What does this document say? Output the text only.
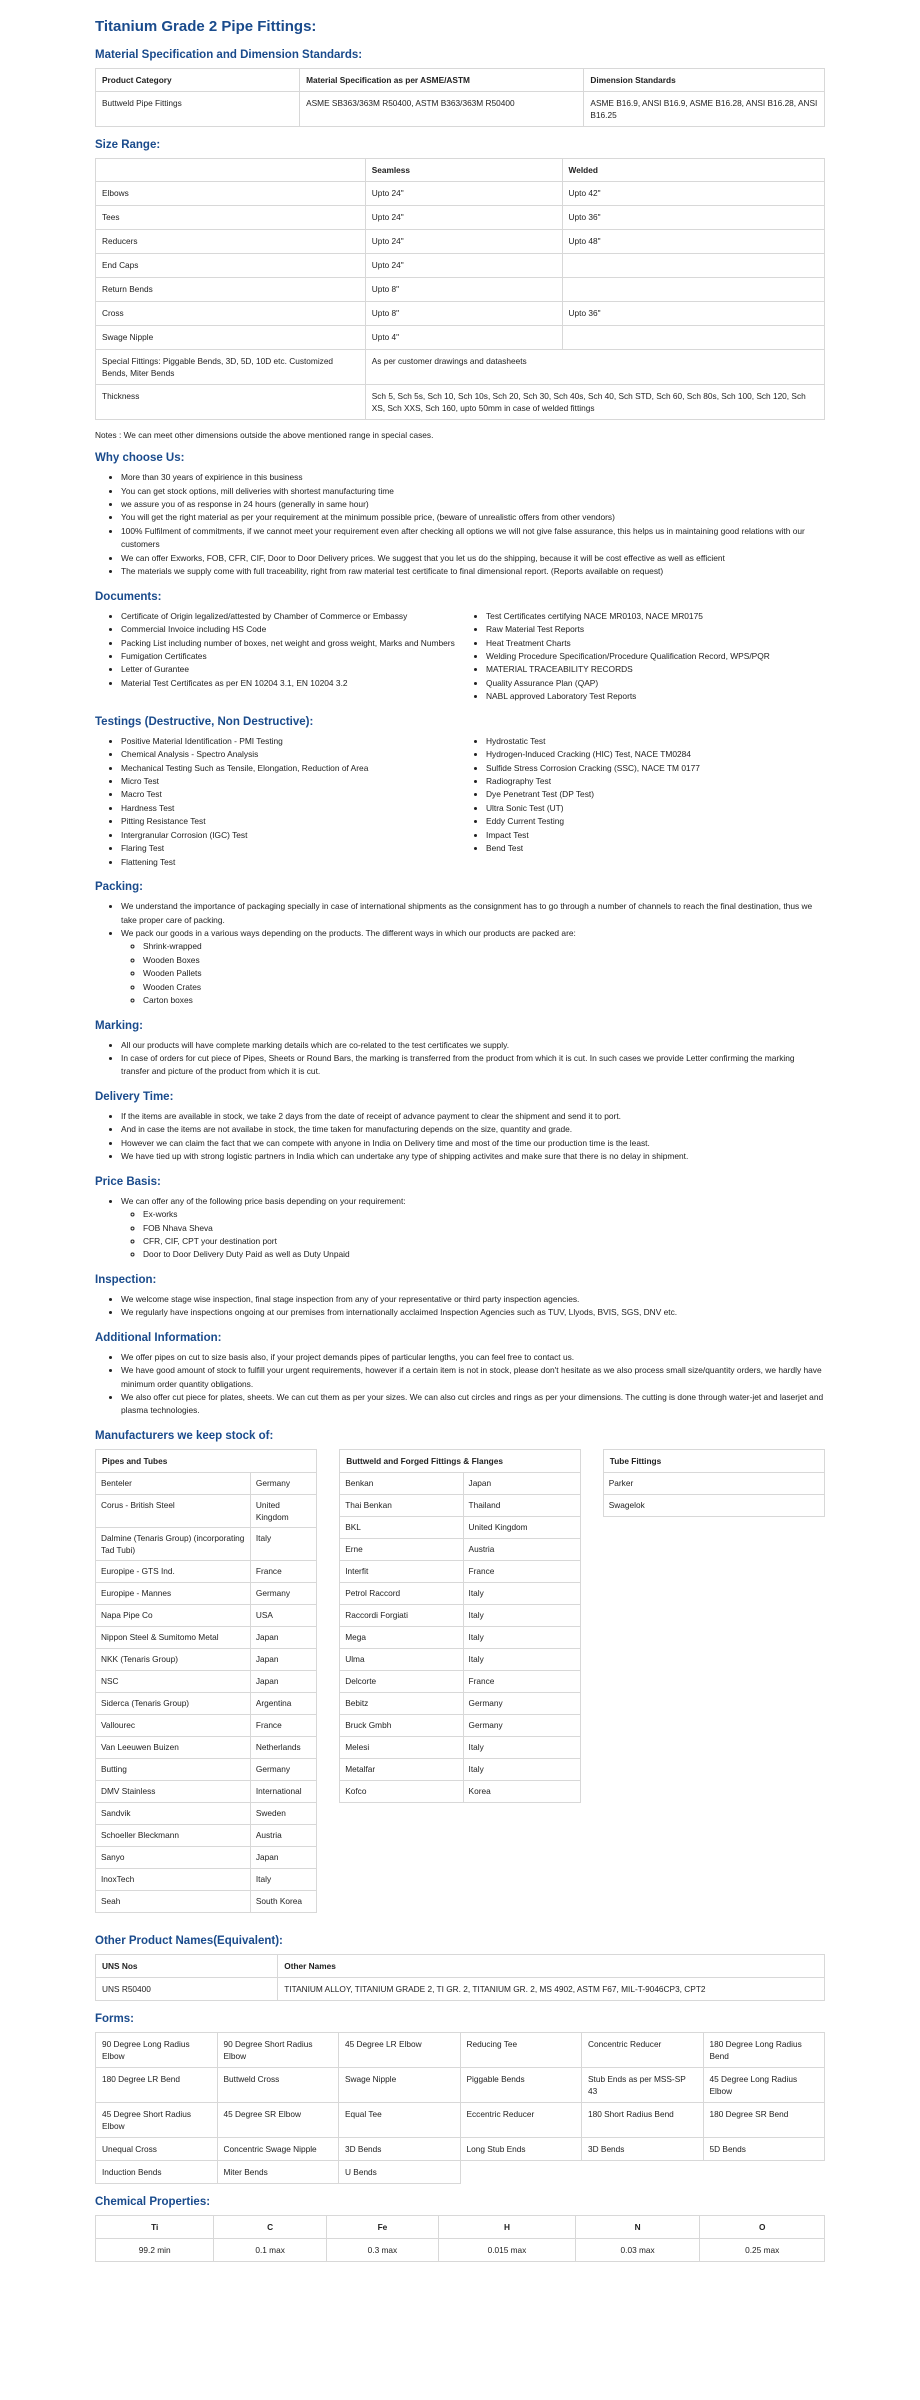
Titanium Grade 2 Pipe Fittings:
Material Specification and Dimension Standards:
Product Category	Material Specification as per ASME/ASTM	Dimension Standards
Buttweld Pipe Fittings	ASME SB363/363M R50400, ASTM B363/363M R50400	ASME B16.9, ANSI B16.9, ASME B16.28, ANSI B16.28, ANSI B16.25
Size Range:
	Seamless	Welded
Elbows	Upto 24"	Upto 42"
Tees	Upto 24"	Upto 36"
Reducers	Upto 24"	Upto 48"
End Caps	Upto 24"	
Return Bends	Upto 8"	
Cross	Upto 8"	Upto 36"
Swage Nipple	Upto 4"	
Special Fittings: Piggable Bends, 3D, 5D, 10D etc. Customized Bends, Miter Bends	As per customer drawings and datasheets	
Thickness	Sch 5, Sch 5s, Sch 10, Sch 10s, Sch 20, Sch 30, Sch 40s, Sch 40, Sch STD, Sch 60, Sch 80s, Sch 100, Sch 120, Sch XS, Sch XXS, Sch 160, upto 50mm in case of welded fittings	

Notes : We can meet other dimensions outside the above mentioned range in special cases.

Why choose Us:
• More than 30 years of expirience in this business
• You can get stock options, mill deliveries with shortest manufacturing time
• we assure you of as response in 24 hours (generally in same hour)
• You will get the right material as per your requirement at the minimum possible price, (beware of unrealistic offers from other vendors)
• 100% Fulfilment of commitments, if we cannot meet your requirement even after checking all options we will not give false assurance, this helps us in maintaining good relations with our customers
• We can offer Exworks, FOB, CFR, CIF, Door to Door Delivery prices. We suggest that you let us do the shipping, because it will be cost effective as well as efficient
• The materials we supply come with full traceability, right from raw material test certificate to final dimensional report. (Reports available on request)
Documents:
• Certificate of Origin legalized/attested by Chamber of Commerce or Embassy
• Commercial Invoice including HS Code
• Packing List including number of boxes, net weight and gross weight, Marks and Numbers
• Fumigation Certificates
• Letter of Gurantee
• Material Test Certificates as per EN 10204 3.1, EN 10204 3.2
• Test Certificates certifying NACE MR0103, NACE MR0175
• Raw Material Test Reports
• Heat Treatment Charts
• Welding Procedure Specification/Procedure Qualification Record, WPS/PQR
• MATERIAL TRACEABILITY RECORDS
• Quality Assurance Plan (QAP)
• NABL approved Laboratory Test Reports
Testings (Destructive, Non Destructive):
• Positive Material Identification - PMI Testing
• Chemical Analysis - Spectro Analysis
• Mechanical Testing Such as Tensile, Elongation, Reduction of Area
• Micro Test
• Macro Test
• Hardness Test
• Pitting Resistance Test
• Intergranular Corrosion (IGC) Test
• Flaring Test
• Flattening Test
• Hydrostatic Test
• Hydrogen-Induced Cracking (HIC) Test, NACE TM0284
• Sulfide Stress Corrosion Cracking (SSC), NACE TM 0177
• Radiography Test
• Dye Penetrant Test (DP Test)
• Ultra Sonic Test (UT)
• Eddy Current Testing
• Impact Test
• Bend Test
Packing:
• We understand the importance of packaging specially in case of international shipments as the consignment has to go through a number of channels to reach the final destination, thus we take proper care of packing.
• We pack our goods in a various ways depending on the products. The different ways in which our products are packed are:
◦ Shrink-wrapped
◦ Wooden Boxes
◦ Wooden Pallets
◦ Wooden Crates
◦ Carton boxes
Marking:
• All our products will have complete marking details which are co-related to the test certificates we supply.
• In case of orders for cut piece of Pipes, Sheets or Round Bars, the marking is transferred from the product from which it is cut. In such cases we provide Letter confirming the marking transfer and picture of the product from which it is cut.
Delivery Time:
• If the items are available in stock, we take 2 days from the date of receipt of advance payment to clear the shipment and send it to port.
• And in case the items are not availabe in stock, the time taken for manufacturing depends on the size, quantity and grade.
• However we can claim the fact that we can compete with anyone in India on Delivery time and most of the time our production time is the least.
• We have tied up with strong logistic partners in India which can undertake any type of shipping activites and make sure that there is no delay in shipment.
Price Basis:
• We can offer any of the following price basis depending on your requirement:
◦ Ex-works
◦ FOB Nhava Sheva
◦ CFR, CIF, CPT your destination port
◦ Door to Door Delivery Duty Paid as well as Duty Unpaid
Inspection:
• We welcome stage wise inspection, final stage inspection from any of your representative or third party inspection agencies.
• We regularly have inspections ongoing at our premises from internationally acclaimed Inspection Agencies such as TUV, Llyods, BVIS, SGS, DNV etc.
Additional Information:
• We offer pipes on cut to size basis also, if your project demands pipes of particular lengths, you can feel free to contact us.
• We have good amount of stock to fulfill your urgent requirements, however if a certain item is not in stock, please don't hesitate as we also process small size/quantity orders, we hardly have minimum order quantity obligations.
• We also offer cut piece for plates, sheets. We can cut them as per your sizes. We can also cut circles and rings as per your dimensions. The cutting is done through water-jet and laserjet and plasma technologies.
Manufacturers we keep stock of:
Pipes and Tubes	
Benteler	Germany
Corus - British Steel	United Kingdom
Dalmine (Tenaris Group) (incorporating Tad Tubi)	Italy
Europipe - GTS Ind.	France
Europipe - Mannes	Germany
Napa Pipe Co	USA
Nippon Steel & Sumitomo Metal	Japan
NKK (Tenaris Group)	Japan
NSC	Japan
Siderca (Tenaris Group)	Argentina
Vallourec	France
Van Leeuwen Buizen	Netherlands
Butting	Germany
DMV Stainless	International
Sandvik	Sweden
Schoeller Bleckmann	Austria
Sanyo	Japan
InoxTech	Italy
Seah	South Korea
Buttweld and Forged Fittings & Flanges	
Benkan	Japan
Thai Benkan	Thailand
BKL	United Kingdom
Erne	Austria
Interfit	France
Petrol Raccord	Italy
Raccordi Forgiati	Italy
Mega	Italy
Ulma	Italy
Delcorte	France
Bebitz	Germany
Bruck Gmbh	Germany
Melesi	Italy
Metalfar	Italy
Kofco	Korea
Tube Fittings
Parker
Swagelok
Other Product Names(Equivalent):
UNS Nos	Other Names
UNS R50400	TITANIUM ALLOY, TITANIUM GRADE 2, TI GR. 2, TITANIUM GR. 2, MS 4902, ASTM F67, MIL-T-9046CP3, CPT2
Forms:
90 Degree Long Radius Elbow	90 Degree Short Radius Elbow	45 Degree LR Elbow	Reducing Tee	Concentric Reducer	180 Degree Long Radius Bend
180 Degree LR Bend	Buttweld Cross	Swage Nipple	Piggable Bends	Stub Ends as per MSS-SP 43	45 Degree Long Radius Elbow
45 Degree Short Radius Elbow	45 Degree SR Elbow	Equal Tee	Eccentric Reducer	180 Short Radius Bend	180 Degree SR Bend
Unequal Cross	Concentric Swage Nipple	3D Bends	Long Stub Ends	3D Bends	5D Bends
Induction Bends	Miter Bends	U Bends			
Chemical Properties:
Ti	C	Fe	H	N	O
99.2 min	0.1 max	0.3 max	0.015 max	0.03 max	0.25 max
